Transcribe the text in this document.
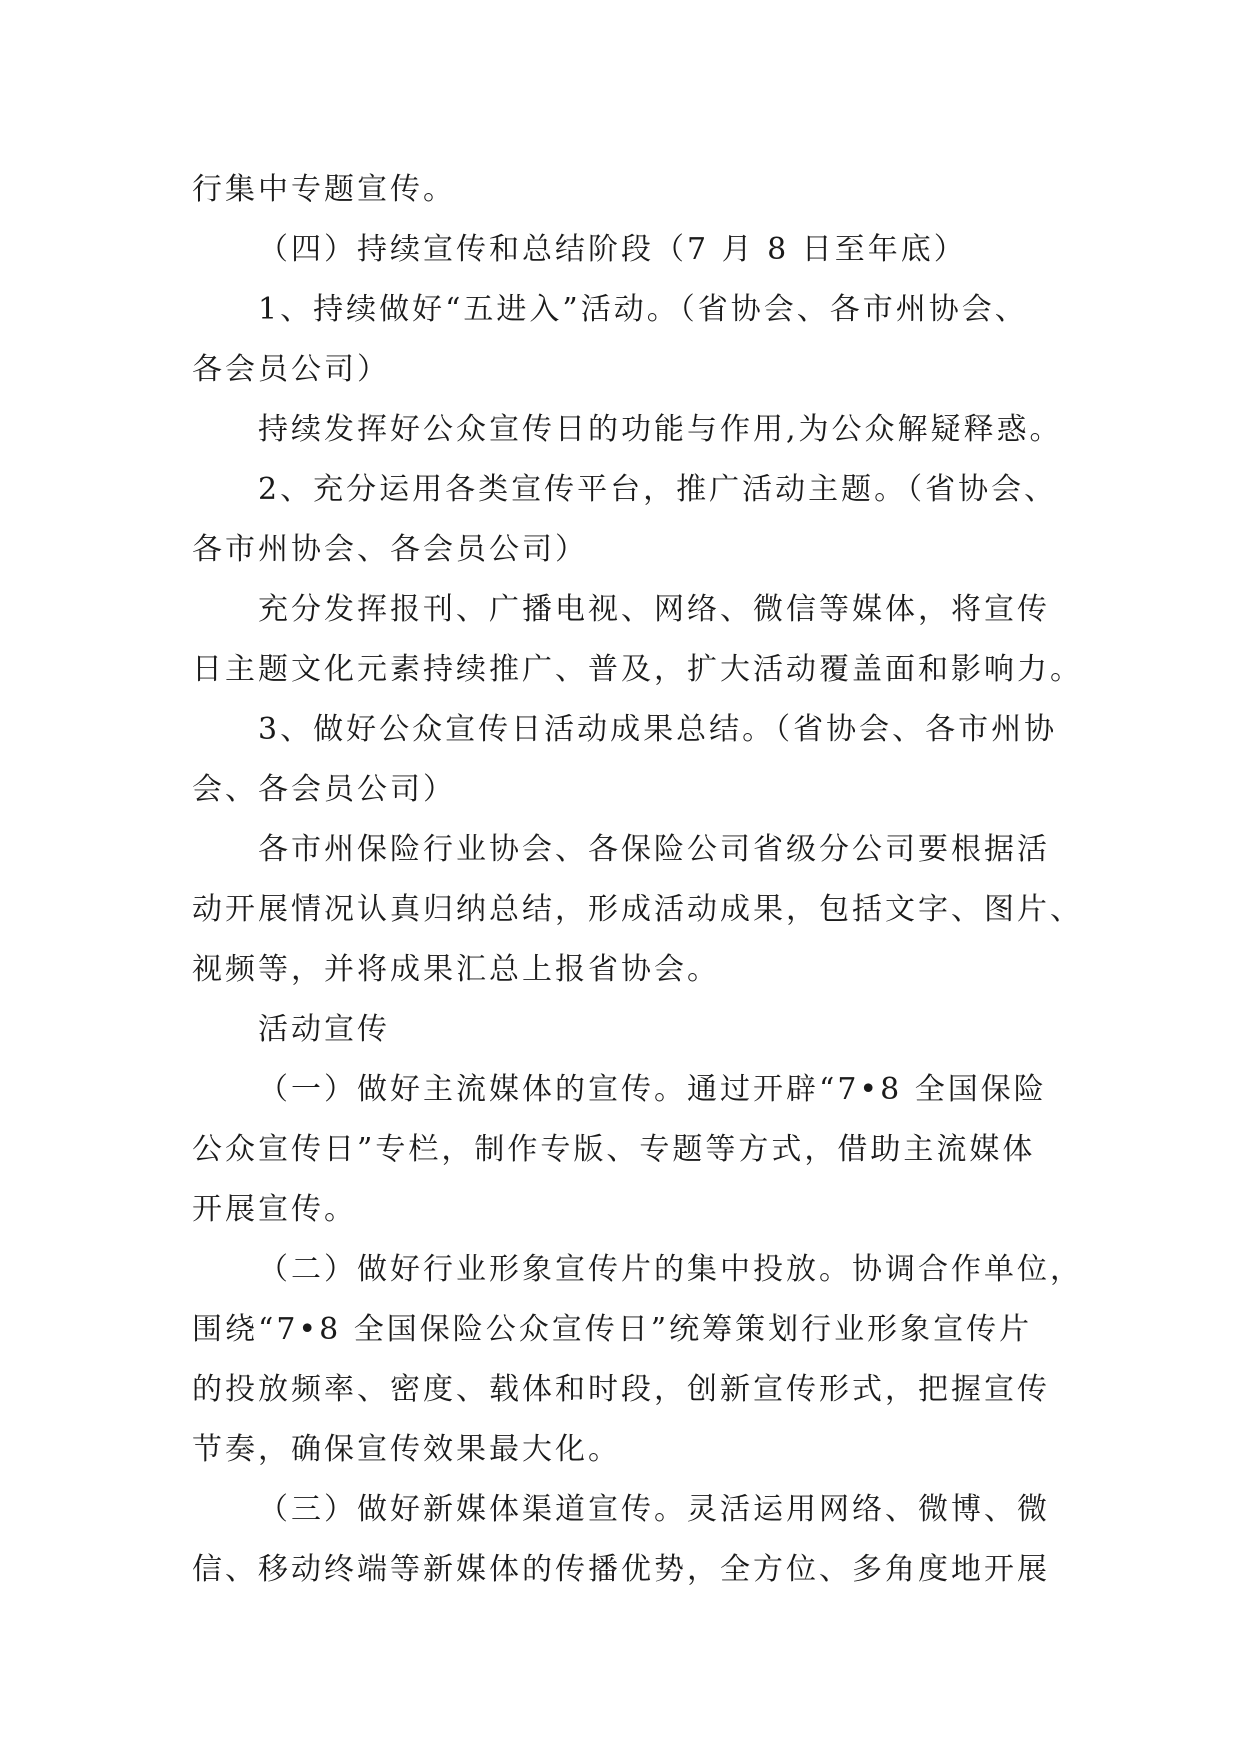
行集中专题宣传。
（四）持续宣传和总结阶段（7 月 8 日至年底）
1、持续做好“五进入”活动。（省协会、各市州协会、
各会员公司）
持续发挥好公众宣传日的功能与作用,为公众解疑释惑。
2、充分运用各类宣传平台，推广活动主题。（省协会、
各市州协会、各会员公司）
充分发挥报刊、广播电视、网络、微信等媒体，将宣传
日主题文化元素持续推广、普及，扩大活动覆盖面和影响力。
3、做好公众宣传日活动成果总结。（省协会、各市州协
会、各会员公司）
各市州保险行业协会、各保险公司省级分公司要根据活
动开展情况认真归纳总结，形成活动成果，包括文字、图片、
视频等，并将成果汇总上报省协会。
活动宣传
（一）做好主流媒体的宣传。通过开辟“7•8 全国保险
公众宣传日”专栏，制作专版、专题等方式，借助主流媒体
开展宣传。
（二）做好行业形象宣传片的集中投放。协调合作单位，
围绕“7•8 全国保险公众宣传日”统筹策划行业形象宣传片
的投放频率、密度、载体和时段，创新宣传形式，把握宣传
节奏，确保宣传效果最大化。
（三）做好新媒体渠道宣传。灵活运用网络、微博、微
信、移动终端等新媒体的传播优势，全方位、多角度地开展
